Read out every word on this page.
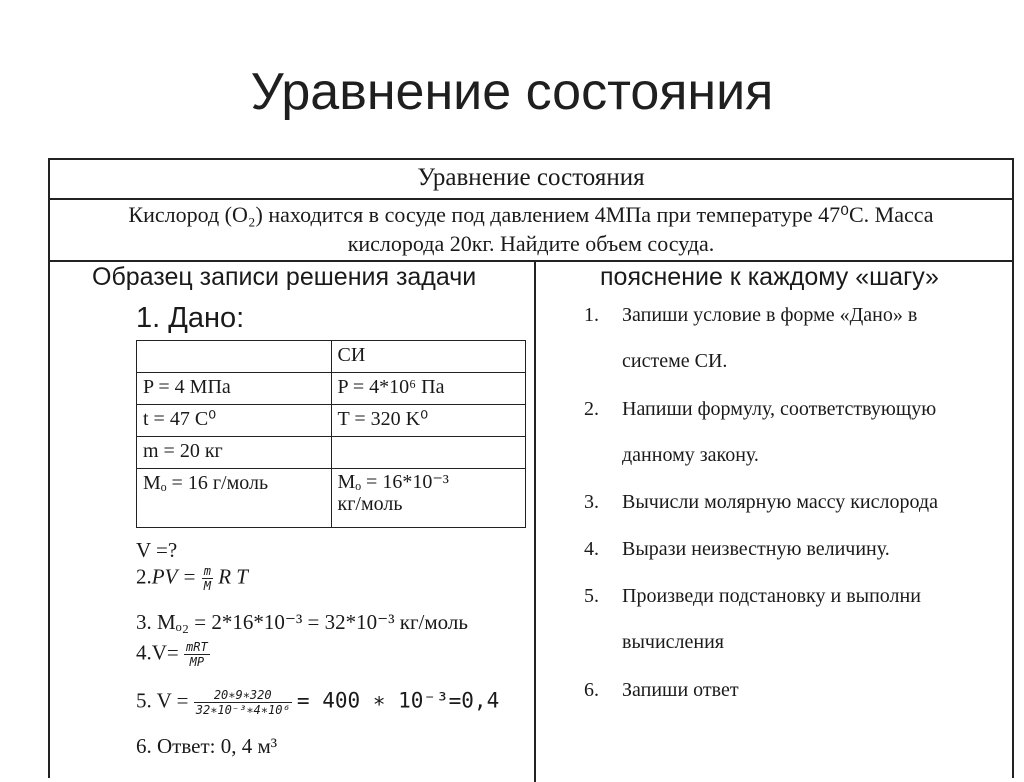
Уравнение состояния
Уравнение состояния
Кислород (O₂) находится в сосуде под давлением 4МПа при температуре 47⁰С. Масса
кислорода 20кг. Найдите объем сосуда.
Образец записи решения задачи
1. Дано:
	СИ
P = 4 МПа	P = 4*10⁶ Па
t = 47 C⁰	T = 320 K⁰
m = 20 кг	
Mₒ = 16 г/моль	Mₒ = 16*10⁻³
кг/моль
V =?
$2.PV = \frac{m}{M}$ R T
3. Mₒ₂ = 2*16*10⁻³ = 32*10⁻³ кг/моль
$4.V= \frac{\text{mRT}}{MP}$
5. $V = \frac{20∗9∗320}{\text{32∗10⁻³∗4∗10⁶}} = 400$ ∗ 10⁻³=0,4
6. Ответ: 0, 4 м³
пояснение к каждому «шагу»
1.	Запиши условие в форме «Дано» в
системе СИ.
2.	Напиши формулу, соответствующую
данному закону.
3.	Вычисли молярную массу кислорода
4.	Вырази неизвестную величину.
5.	Произведи подстановку и выполни
вычисления
6.	Запиши ответ
